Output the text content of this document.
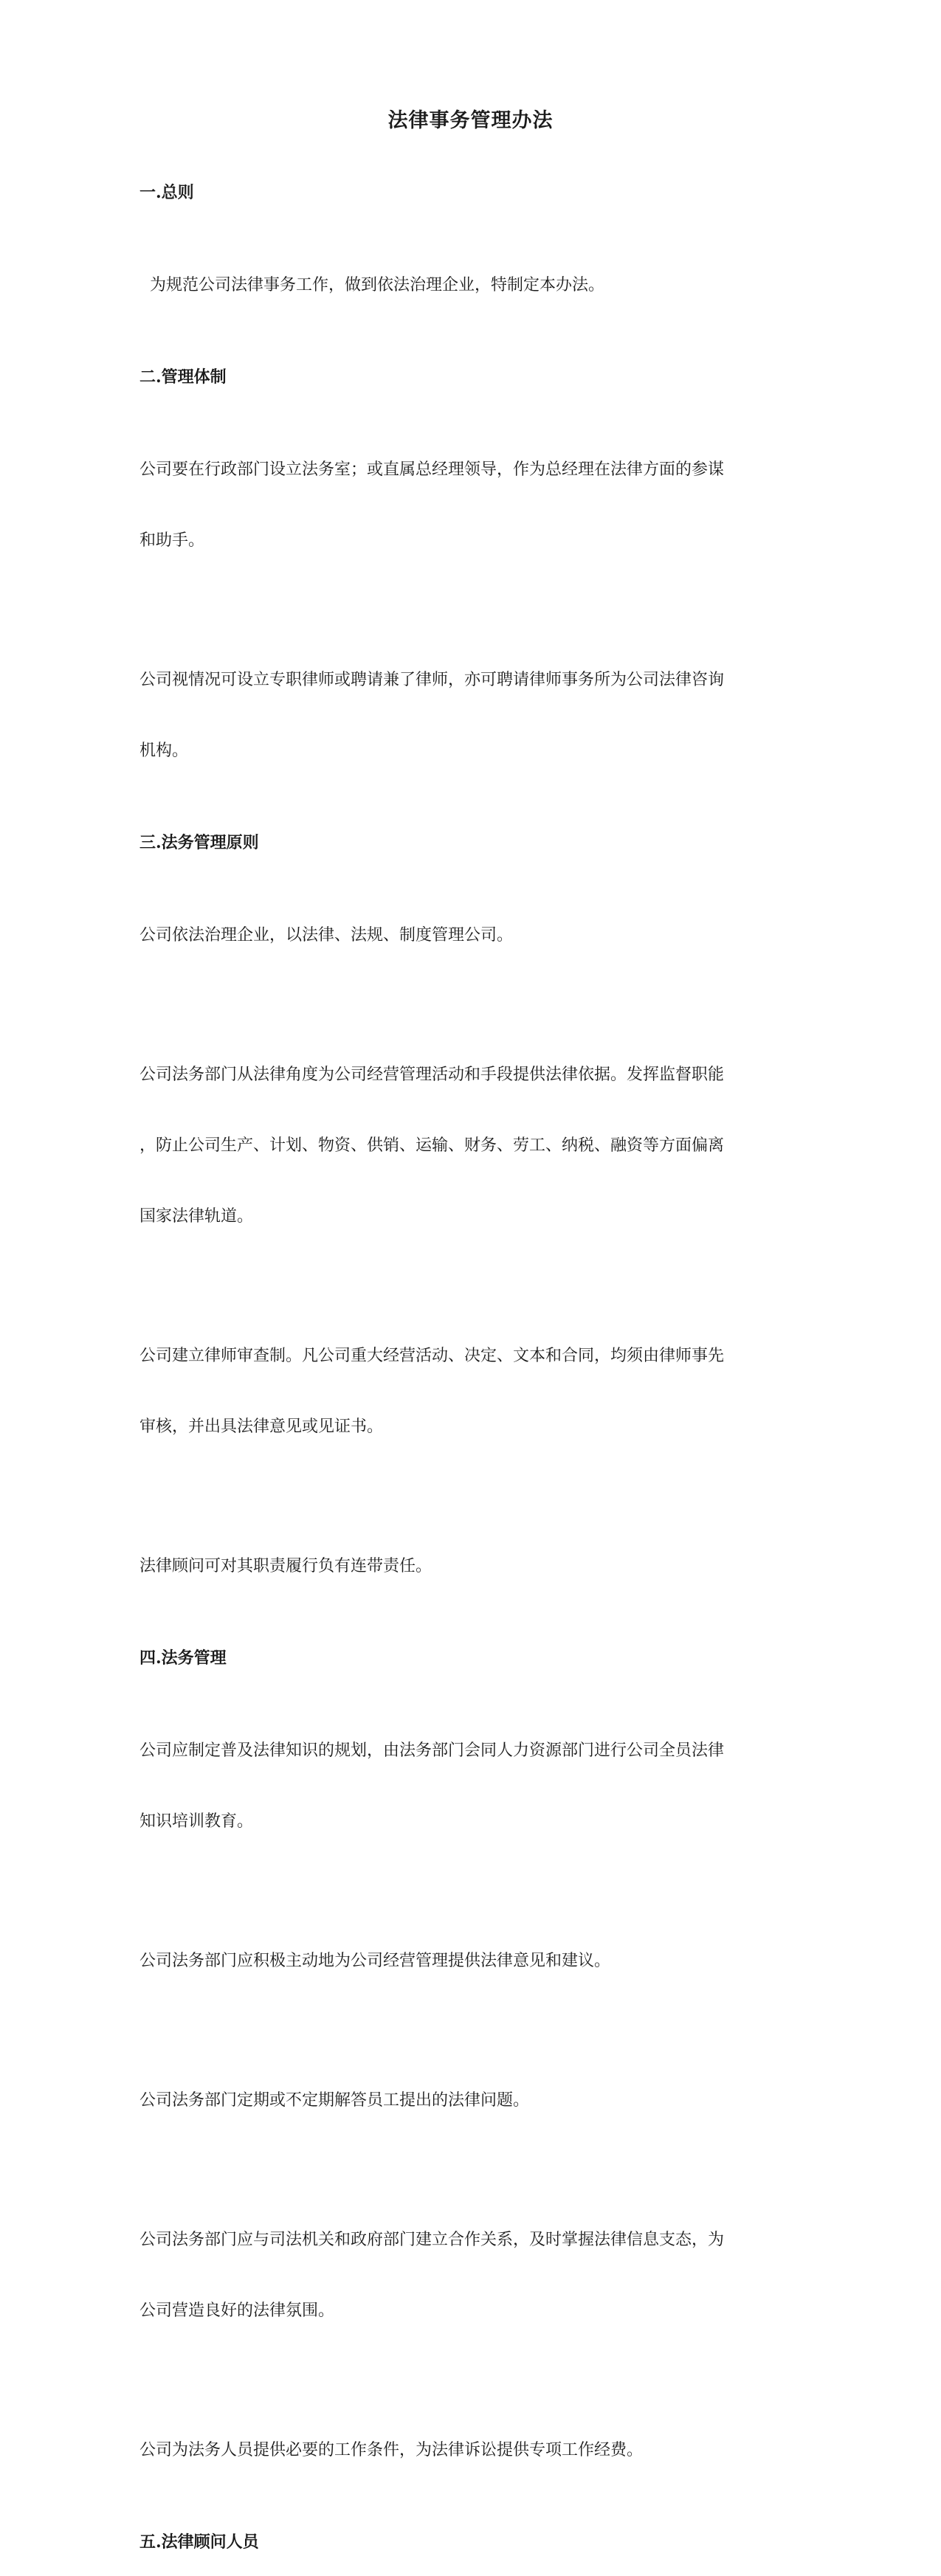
法律事务管理办法
一.总则

为规范公司法律事务工作，做到依法治理企业，特制定本办法。

二.管理体制

公司要在行政部门设立法务室；或直属总经理领导，作为总经理在法律方面的参谋

和助手。

公司视情况可设立专职律师或聘请兼了律师，亦可聘请律师事务所为公司法律咨询

机构。

三.法务管理原则

公司依法治理企业，以法律、法规、制度管理公司。

公司法务部门从法律角度为公司经营管理活动和手段提供法律依据。发挥监督职能

，防止公司生产、计划、物资、供销、运输、财务、劳工、纳税、融资等方面偏离

国家法律轨道。

公司建立律师审查制。凡公司重大经营活动、决定、文本和合同，均须由律师事先

审核，并出具法律意见或见证书。

法律顾问可对其职责履行负有连带责任。

四.法务管理

公司应制定普及法律知识的规划，由法务部门会同人力资源部门进行公司全员法律

知识培训教育。

公司法务部门应积极主动地为公司经营管理提供法律意见和建议。

公司法务部门定期或不定期解答员工提出的法律问题。

公司法务部门应与司法机关和政府部门建立合作关系，及时掌握法律信息支态，为

公司营造良好的法律氛围。

公司为法务人员提供必要的工作条件，为法律诉讼提供专项工作经费。

五.法律顾问人员
